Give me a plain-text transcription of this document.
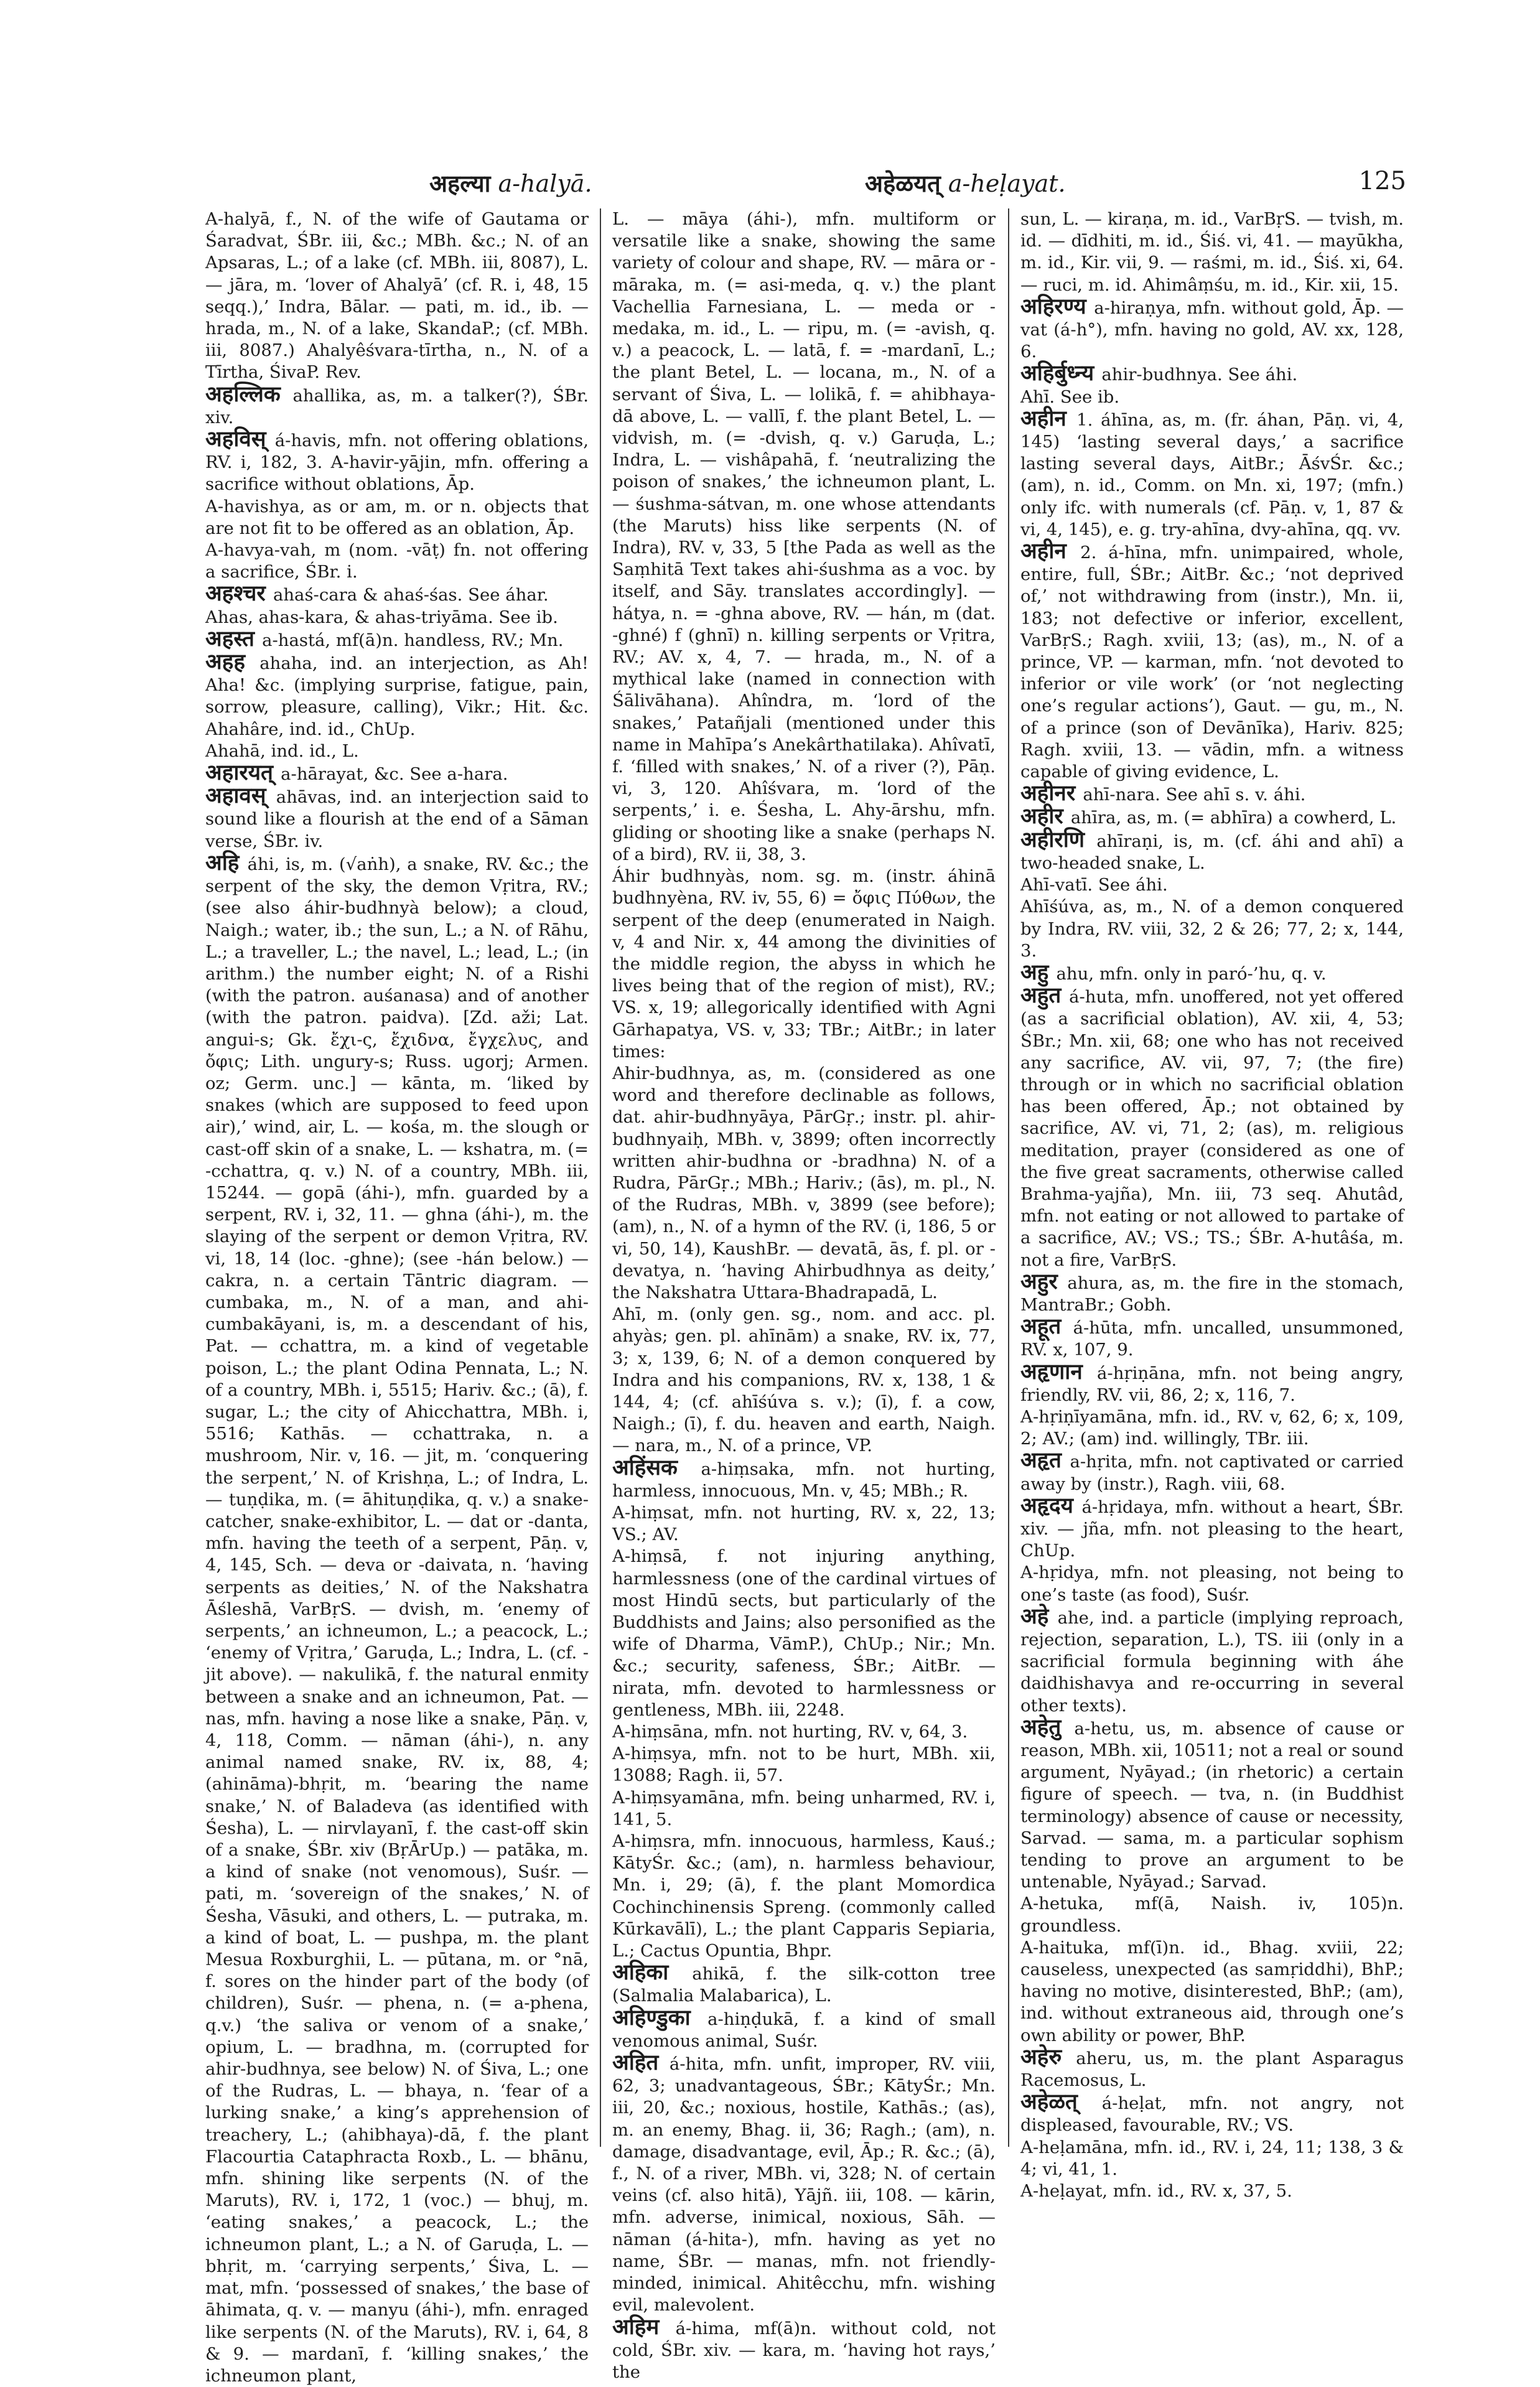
अहल्या a-halyā.	अहेळयत् a-heḷayat.	125

A-halyā, f., N. of the wife of Gautama or Śaradvat, ŚBr. iii, &c.; MBh. &c.; N. of an Apsaras, L.; of a lake (cf. MBh. iii, 8087), L. — jāra, m. ‘lover of Ahalyā’ (cf. R. i, 48, 15 seqq.),’ Indra, Bālar. — pati, m. id., ib. — hrada, m., N. of a lake, SkandaP.; (cf. MBh. iii, 8087.) Ahalyêśvara-tīrtha, n., N. of a Tīrtha, ŚivaP. Rev.

अहल्लिक ahallika, as, m. a talker(?), ŚBr. xiv.

अहविस् á-havis, mfn. not offering oblations, RV. i, 182, 3. A-havir-yājin, mfn. offering a sacrifice without oblations, Āp.

A-havishya, as or am, m. or n. objects that are not fit to be offered as an oblation, Āp.

A-havya-vah, m (nom. -vāṭ) fn. not offering a sacrifice, ŚBr. i.

अहश्चर ahaś-cara & ahaś-śas. See áhar.

Ahas, ahas-kara, & ahas-triyāma. See ib.

अहस्त a-hastá, mf(ā)n. handless, RV.; Mn.

अहह ahaha, ind. an interjection, as Ah! Aha! &c. (implying surprise, fatigue, pain, sorrow, pleasure, calling), Vikr.; Hit. &c. Ahahâre, ind. id., ChUp.

Ahahā, ind. id., L.

अहारयत् a-hārayat, &c. See a-hara.

अहावस् ahāvas, ind. an interjection said to sound like a flourish at the end of a Sāman verse, ŚBr. iv.

अहि áhi, is, m. (√aṅh), a snake, RV. &c.; the serpent of the sky, the demon Vṛitra, RV.; (see also áhir-budhnyà below); a cloud, Naigh.; water, ib.; the sun, L.; a N. of Rāhu, L.; a traveller, L.; the navel, L.; lead, L.; (in arithm.) the number eight; N. of a Rishi (with the patron. auśanasa) and of another (with the patron. paidva). [Zd. aži; Lat. angui-s; Gk. ἔχι-ς, ἔχιδνα, ἔγχελυς, and ὄφις; Lith. ungury-s; Russ. ugorj; Armen. oz; Germ. unc.] — kānta, m. ‘liked by snakes (which are supposed to feed upon air),’ wind, air, L. — kośa, m. the slough or cast-off skin of a snake, L. — kshatra, m. (= -cchattra, q. v.) N. of a country, MBh. iii, 15244. — gopā (áhi-), mfn. guarded by a serpent, RV. i, 32, 11. — ghna (áhi-), m. the slaying of the serpent or demon Vṛitra, RV. vi, 18, 14 (loc. -ghne); (see -hán below.) — cakra, n. a certain Tāntric diagram. — cumbaka, m., N. of a man, and ahi-cumbakāyani, is, m. a descendant of his, Pat. — cchattra, m. a kind of vegetable poison, L.; the plant Odina Pennata, L.; N. of a country, MBh. i, 5515; Hariv. &c.; (ā), f. sugar, L.; the city of Ahicchattra, MBh. i, 5516; Kathās. — cchattraka, n. a mushroom, Nir. v, 16. — jit, m. ‘conquering the serpent,’ N. of Krishṇa, L.; of Indra, L. — tuṇḍika, m. (= āhituṇḍika, q. v.) a snake-catcher, snake-exhibitor, L. — dat or -danta, mfn. having the teeth of a serpent, Pāṇ. v, 4, 145, Sch. — deva or -daivata, n. ‘having serpents as deities,’ N. of the Nakshatra Āśleshā, VarBṛS. — dvish, m. ‘enemy of serpents,’ an ichneumon, L.; a peacock, L.; ‘enemy of Vṛitra,’ Garuḍa, L.; Indra, L. (cf. -jit above). — nakulikā, f. the natural enmity between a snake and an ichneumon, Pat. — nas, mfn. having a nose like a snake, Pāṇ. v, 4, 118, Comm. — nāman (áhi-), n. any animal named snake, RV. ix, 88, 4; (ahināma)-bhṛit, m. ‘bearing the name snake,’ N. of Baladeva (as identified with Śesha), L. — nirvlayanī, f. the cast-off skin of a snake, ŚBr. xiv (BṛĀrUp.) — patāka, m. a kind of snake (not venomous), Suśr. — pati, m. ‘sovereign of the snakes,’ N. of Śesha, Vāsuki, and others, L. — putraka, m. a kind of boat, L. — pushpa, m. the plant Mesua Roxburghii, L. — pūtana, m. or °nā, f. sores on the hinder part of the body (of children), Suśr. — phena, n. (= a-phena, q.v.) ‘the saliva or venom of a snake,’ opium, L. — bradhna, m. (corrupted for ahir-budhnya, see below) N. of Śiva, L.; one of the Rudras, L. — bhaya, n. ‘fear of a lurking snake,’ a king’s apprehension of treachery, L.; (ahibhaya)-dā, f. the plant Flacourtia Cataphracta Roxb., L. — bhānu, mfn. shining like serpents (N. of the Maruts), RV. i, 172, 1 (voc.) — bhuj, m. ‘eating snakes,’ a peacock, L.; the ichneumon plant, L.; a N. of Garuḍa, L. — bhṛit, m. ‘carrying serpents,’ Śiva, L. — mat, mfn. ‘possessed of snakes,’ the base of āhimata, q. v. — manyu (áhi-), mfn. enraged like serpents (N. of the Maruts), RV. i, 64, 8 & 9. — mardanī, f. ‘killing snakes,’ the ichneumon plant,

L. — māya (áhi-), mfn. multiform or versatile like a snake, showing the same variety of colour and shape, RV. — māra or -māraka, m. (= asi-meda, q. v.) the plant Vachellia Farnesiana, L. — meda or -medaka, m. id., L. — ripu, m. (= -avish, q. v.) a peacock, L. — latā, f. = -mardanī, L.; the plant Betel, L. — locana, m., N. of a servant of Śiva, L. — lolikā, f. = ahibhaya-dā above, L. — vallī, f. the plant Betel, L. — vidvish, m. (= -dvish, q. v.) Garuḍa, L.; Indra, L. — vishâpahā, f. ‘neutralizing the poison of snakes,’ the ichneumon plant, L. — śushma-sátvan, m. one whose attendants (the Maruts) hiss like serpents (N. of Indra), RV. v, 33, 5 [the Pada as well as the Saṃhitā Text takes ahi-śushma as a voc. by itself, and Sāy. translates accordingly]. — hátya, n. = -ghna above, RV. — hán, m (dat. -ghné) f (ghnī) n. killing serpents or Vṛitra, RV.; AV. x, 4, 7. — hrada, m., N. of a mythical lake (named in connection with Śālivāhana). Ahîndra, m. ‘lord of the snakes,’ Patañjali (mentioned under this name in Mahīpa’s Anekârthatilaka). Ahîvatī, f. ‘filled with snakes,’ N. of a river (?), Pāṇ. vi, 3, 120. Ahîśvara, m. ‘lord of the serpents,’ i. e. Śesha, L. Ahy-ārshu, mfn. gliding or shooting like a snake (perhaps N. of a bird), RV. ii, 38, 3.

Áhir budhnyàs, nom. sg. m. (instr. áhinā budhnyèna, RV. iv, 55, 6) = ὄφις Πύθων, the serpent of the deep (enumerated in Naigh. v, 4 and Nir. x, 44 among the divinities of the middle region, the abyss in which he lives being that of the region of mist), RV.; VS. x, 19; allegorically identified with Agni Gārhapatya, VS. v, 33; TBr.; AitBr.; in later times:

Ahir-budhnya, as, m. (considered as one word and therefore declinable as follows, dat. ahir-budhnyāya, PārGṛ.; instr. pl. ahir-budhnyaiḥ, MBh. v, 3899; often incorrectly written ahir-budhna or -bradhna) N. of a Rudra, PārGṛ.; MBh.; Hariv.; (ās), m. pl., N. of the Rudras, MBh. v, 3899 (see before); (am), n., N. of a hymn of the RV. (i, 186, 5 or vi, 50, 14), KaushBr. — devatā, ās, f. pl. or -devatya, n. ‘having Ahirbudhnya as deity,’ the Nakshatra Uttara-Bhadrapadā, L.

Ahī, m. (only gen. sg., nom. and acc. pl. ahyàs; gen. pl. ahīnām) a snake, RV. ix, 77, 3; x, 139, 6; N. of a demon conquered by Indra and his companions, RV. x, 138, 1 & 144, 4; (cf. ahīśúva s. v.); (ī), f. a cow, Naigh.; (ī), f. du. heaven and earth, Naigh. — nara, m., N. of a prince, VP.

अहिंसक a-hiṃsaka, mfn. not hurting, harmless, innocuous, Mn. v, 45; MBh.; R.

A-hiṃsat, mfn. not hurting, RV. x, 22, 13; VS.; AV.

A-hiṃsā, f. not injuring anything, harmlessness (one of the cardinal virtues of most Hindū sects, but particularly of the Buddhists and Jains; also personified as the wife of Dharma, VāmP.), ChUp.; Nir.; Mn. &c.; security, safeness, ŚBr.; AitBr. — nirata, mfn. devoted to harmlessness or gentleness, MBh. iii, 2248.

A-hiṃsāna, mfn. not hurting, RV. v, 64, 3.

A-hiṃsya, mfn. not to be hurt, MBh. xii, 13088; Ragh. ii, 57.

A-hiṃsyamāna, mfn. being unharmed, RV. i, 141, 5.

A-hiṃsra, mfn. innocuous, harmless, Kauś.; KātyŚr. &c.; (am), n. harmless behaviour, Mn. i, 29; (ā), f. the plant Momordica Cochinchinensis Spreng. (commonly called Kūrkavālī), L.; the plant Capparis Sepiaria, L.; Cactus Opuntia, Bhpr.

अहिका ahikā, f. the silk-cotton tree (Salmalia Malabarica), L.

अहिण्डुका a-hiṇḍukā, f. a kind of small venomous animal, Suśr.

अहित á-hita, mfn. unfit, improper, RV. viii, 62, 3; unadvantageous, ŚBr.; KātyŚr.; Mn. iii, 20, &c.; noxious, hostile, Kathās.; (as), m. an enemy, Bhag. ii, 36; Ragh.; (am), n. damage, disadvantage, evil, Āp.; R. &c.; (ā), f., N. of a river, MBh. vi, 328; N. of certain veins (cf. also hitā), Yājñ. iii, 108. — kārin, mfn. adverse, inimical, noxious, Sāh. — nāman (á-hita-), mfn. having as yet no name, ŚBr. — manas, mfn. not friendly-minded, inimical. Ahitêcchu, mfn. wishing evil, malevolent.

अहिम á-hima, mf(ā)n. without cold, not cold, ŚBr. xiv. — kara, m. ‘having hot rays,’ the

sun, L. — kiraṇa, m. id., VarBṛS. — tvish, m. id. — dīdhiti, m. id., Śiś. vi, 41. — mayūkha, m. id., Kir. vii, 9. — raśmi, m. id., Śiś. xi, 64. — ruci, m. id. Ahimâṃśu, m. id., Kir. xii, 15.

अहिरण्य a-hiraṇya, mfn. without gold, Āp. — vat (á-h°), mfn. having no gold, AV. xx, 128, 6.

अहिर्बुध्न्य ahir-budhnya. See áhi.

Ahī. See ib.

अहीन 1. áhīna, as, m. (fr. áhan, Pāṇ. vi, 4, 145) ‘lasting several days,’ a sacrifice lasting several days, AitBr.; ĀśvŚr. &c.; (am), n. id., Comm. on Mn. xi, 197; (mfn.) only ifc. with numerals (cf. Pāṇ. v, 1, 87 & vi, 4, 145), e. g. try-ahīna, dvy-ahīna, qq. vv.

अहीन 2. á-hīna, mfn. unimpaired, whole, entire, full, ŚBr.; AitBr. &c.; ‘not deprived of,’ not withdrawing from (instr.), Mn. ii, 183; not defective or inferior, excellent, VarBṛS.; Ragh. xviii, 13; (as), m., N. of a prince, VP. — karman, mfn. ‘not devoted to inferior or vile work’ (or ‘not neglecting one’s regular actions’), Gaut. — gu, m., N. of a prince (son of Devānīka), Hariv. 825; Ragh. xviii, 13. — vādin, mfn. a witness capable of giving evidence, L.

अहीनर ahī-nara. See ahī s. v. áhi.

अहीर ahīra, as, m. (= abhīra) a cowherd, L.

अहीरणि ahīraṇi, is, m. (cf. áhi and ahī) a two-headed snake, L.

Ahī-vatī. See áhi.

Ahīśúva, as, m., N. of a demon conquered by Indra, RV. viii, 32, 2 & 26; 77, 2; x, 144, 3.

अहु ahu, mfn. only in paró-’hu, q. v.

अहुत á-huta, mfn. unoffered, not yet offered (as a sacrificial oblation), AV. xii, 4, 53; ŚBr.; Mn. xii, 68; one who has not received any sacrifice, AV. vii, 97, 7; (the fire) through or in which no sacrificial oblation has been offered, Āp.; not obtained by sacrifice, AV. vi, 71, 2; (as), m. religious meditation, prayer (considered as one of the five great sacraments, otherwise called Brahma-yajña), Mn. iii, 73 seq. Ahutâd, mfn. not eating or not allowed to partake of a sacrifice, AV.; VS.; TS.; ŚBr. A-hutâśa, m. not a fire, VarBṛS.

अहुर ahura, as, m. the fire in the stomach, MantraBr.; Gobh.

अहूत á-hūta, mfn. uncalled, unsummoned, RV. x, 107, 9.

अहृणान á-hṛiṇāna, mfn. not being angry, friendly, RV. vii, 86, 2; x, 116, 7.

A-hṛiṇīyamāna, mfn. id., RV. v, 62, 6; x, 109, 2; AV.; (am) ind. willingly, TBr. iii.

अहृत a-hṛita, mfn. not captivated or carried away by (instr.), Ragh. viii, 68.

अहृदय á-hṛidaya, mfn. without a heart, ŚBr. xiv. — jña, mfn. not pleasing to the heart, ChUp.

A-hṛidya, mfn. not pleasing, not being to one’s taste (as food), Suśr.

अहे ahe, ind. a particle (implying reproach, rejection, separation, L.), TS. iii (only in a sacrificial formula beginning with áhe daidhishavya and re-occurring in several other texts).

अहेतु a-hetu, us, m. absence of cause or reason, MBh. xii, 10511; not a real or sound argument, Nyāyad.; (in rhetoric) a certain figure of speech. — tva, n. (in Buddhist terminology) absence of cause or necessity, Sarvad. — sama, m. a particular sophism tending to prove an argument to be untenable, Nyāyad.; Sarvad.

A-hetuka, mf(ā, Naish. iv, 105)n. groundless.

A-haituka, mf(ī)n. id., Bhag. xviii, 22; causeless, unexpected (as samṛiddhi), BhP.; having no motive, disinterested, BhP.; (am), ind. without extraneous aid, through one’s own ability or power, BhP.

अहेरु aheru, us, m. the plant Asparagus Racemosus, L.

अहेळत् á-heḷat, mfn. not angry, not displeased, favourable, RV.; VS.

A-heḷamāna, mfn. id., RV. i, 24, 11; 138, 3 & 4; vi, 41, 1.

A-heḷayat, mfn. id., RV. x, 37, 5.
